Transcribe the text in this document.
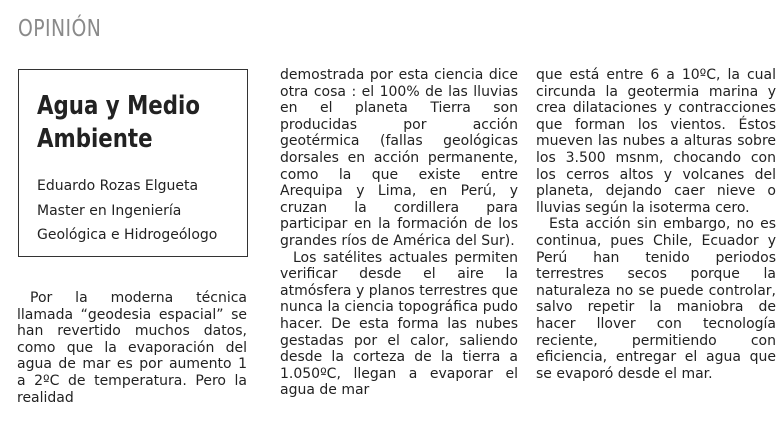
OPINIÓN
Agua y Medio
Ambiente
Eduardo Rozas Elgueta
Master en Ingeniería
Geológica e Hidrogeólogo

Por la moderna técnica llamada “geodesia espacial” se han revertido muchos datos, como que la evaporación del agua de mar es por aumento 1 a 2ºC de temperatura. Pero la realidad

demostrada por esta ciencia dice otra cosa : el 100% de las lluvias en el planeta Tierra son producidas por acción geotérmica (fallas geológicas dorsales en acción permanente, como la que existe entre Arequipa y Lima, en Perú, y cruzan la cordillera para participar en la formación de los grandes ríos de América del Sur).

Los satélites actuales permiten verificar desde el aire la atmósfera y planos terrestres que nunca la ciencia topográfica pudo hacer. De esta forma las nubes gestadas por el calor, saliendo desde la corteza de la tierra a 1.050ºC, llegan a evaporar el agua de mar

que está entre 6 a 10ºC, la cual circunda la geotermia marina y crea dilataciones y contracciones que forman los vientos. Éstos mueven las nubes a alturas sobre los 3.500 msnm, chocando con los cerros altos y volcanes del planeta, dejando caer nieve o lluvias según la isoterma cero.

Esta acción sin embargo, no es continua, pues Chile, Ecuador y Perú han tenido periodos terrestres secos porque la naturaleza no se puede controlar, salvo repetir la maniobra de hacer llover con tecnología reciente, permitiendo con eficiencia, entregar el agua que se evaporó desde el mar.
